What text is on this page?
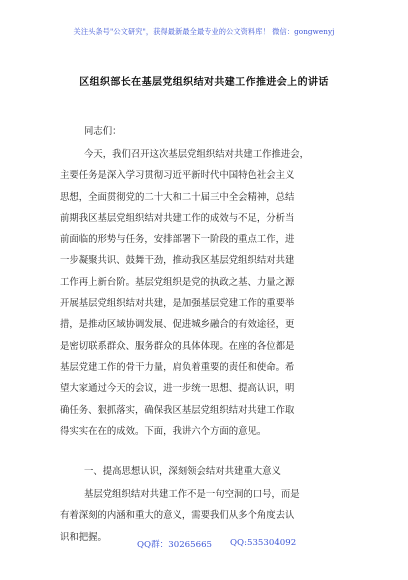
关注头条号"公文研究"，获得最新最全最专业的公文资料库！ 微信：gongwenyj
区组织部长在基层党组织结对共建工作推进会上的讲话
同志们：
今天，我们召开这次基层党组织结对共建工作推进会，
主要任务是深入学习贯彻习近平新时代中国特色社会主义
思想，全面贯彻党的二十大和二十届三中全会精神，总结
前期我区基层党组织结对共建工作的成效与不足，分析当
前面临的形势与任务，安排部署下一阶段的重点工作，进
一步凝聚共识、鼓舞干劲，推动我区基层党组织结对共建
工作再上新台阶。基层党组织是党的执政之基、力量之源
开展基层党组织结对共建，是加强基层党建工作的重要举
措，是推动区域协调发展、促进城乡融合的有效途径，更
是密切联系群众、服务群众的具体体现。在座的各位都是
基层党建工作的骨干力量，肩负着重要的责任和使命。希
望大家通过今天的会议，进一步统一思想、提高认识，明
确任务、狠抓落实，确保我区基层党组织结对共建工作取
得实实在在的成效。下面，我讲六个方面的意见。
一、提高思想认识，深刻领会结对共建重大意义
基层党组织结对共建工作不是一句空洞的口号，而是
有着深刻的内涵和重大的意义，需要我们从多个角度去认
识和把握。
QQ群：30265665 QQ:535304092
